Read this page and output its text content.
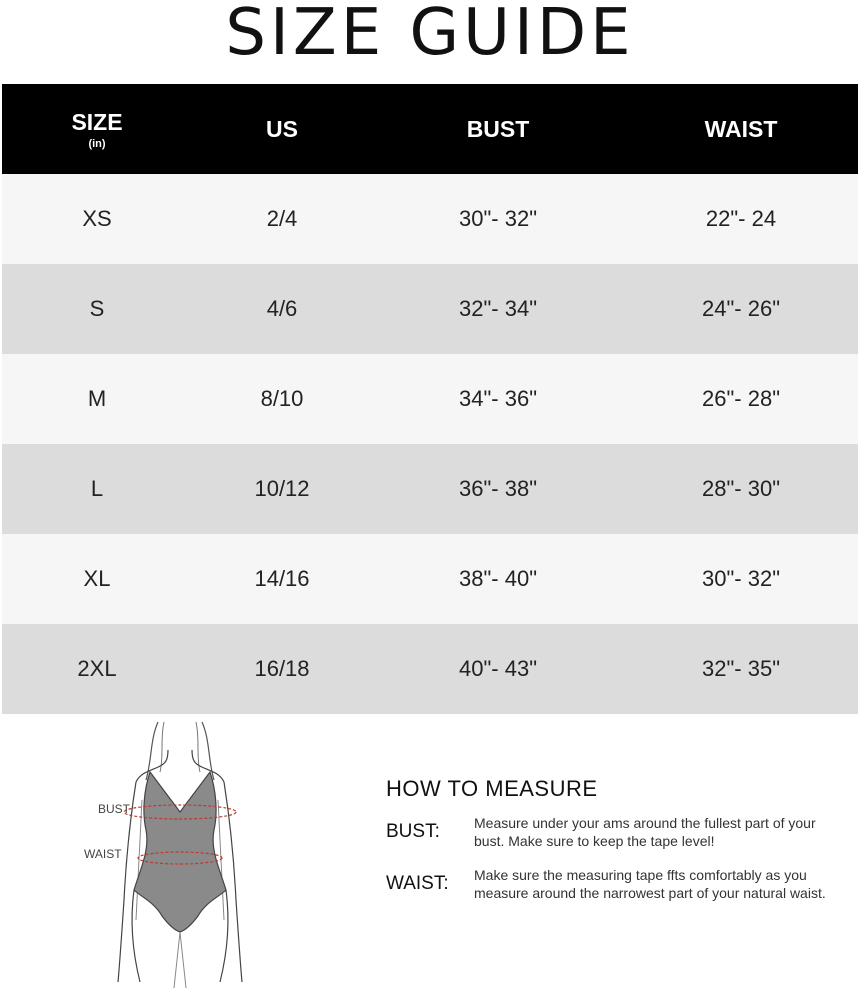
SIZE GUIDE
SIZE
(in)
US	BUST	WAIST
XS	2/4	30"- 32"	22"- 24
S	4/6	32"- 34"	24"- 26"
M	8/10	34"- 36"	26"- 28"
L	10/12	36"- 38"	28"- 30"
XL	14/16	38"- 40"	30"- 32"
2XL	16/18	40"- 43"	32"- 35"
BUST
WAIST
HOW TO MEASURE
BUST:	Measure under your ams around the fullest part of your bust. Make sure to keep the tape level!
WAIST:	Make sure the measuring tape ffts comfortably as you measure around the narrowest part of your natural waist.
